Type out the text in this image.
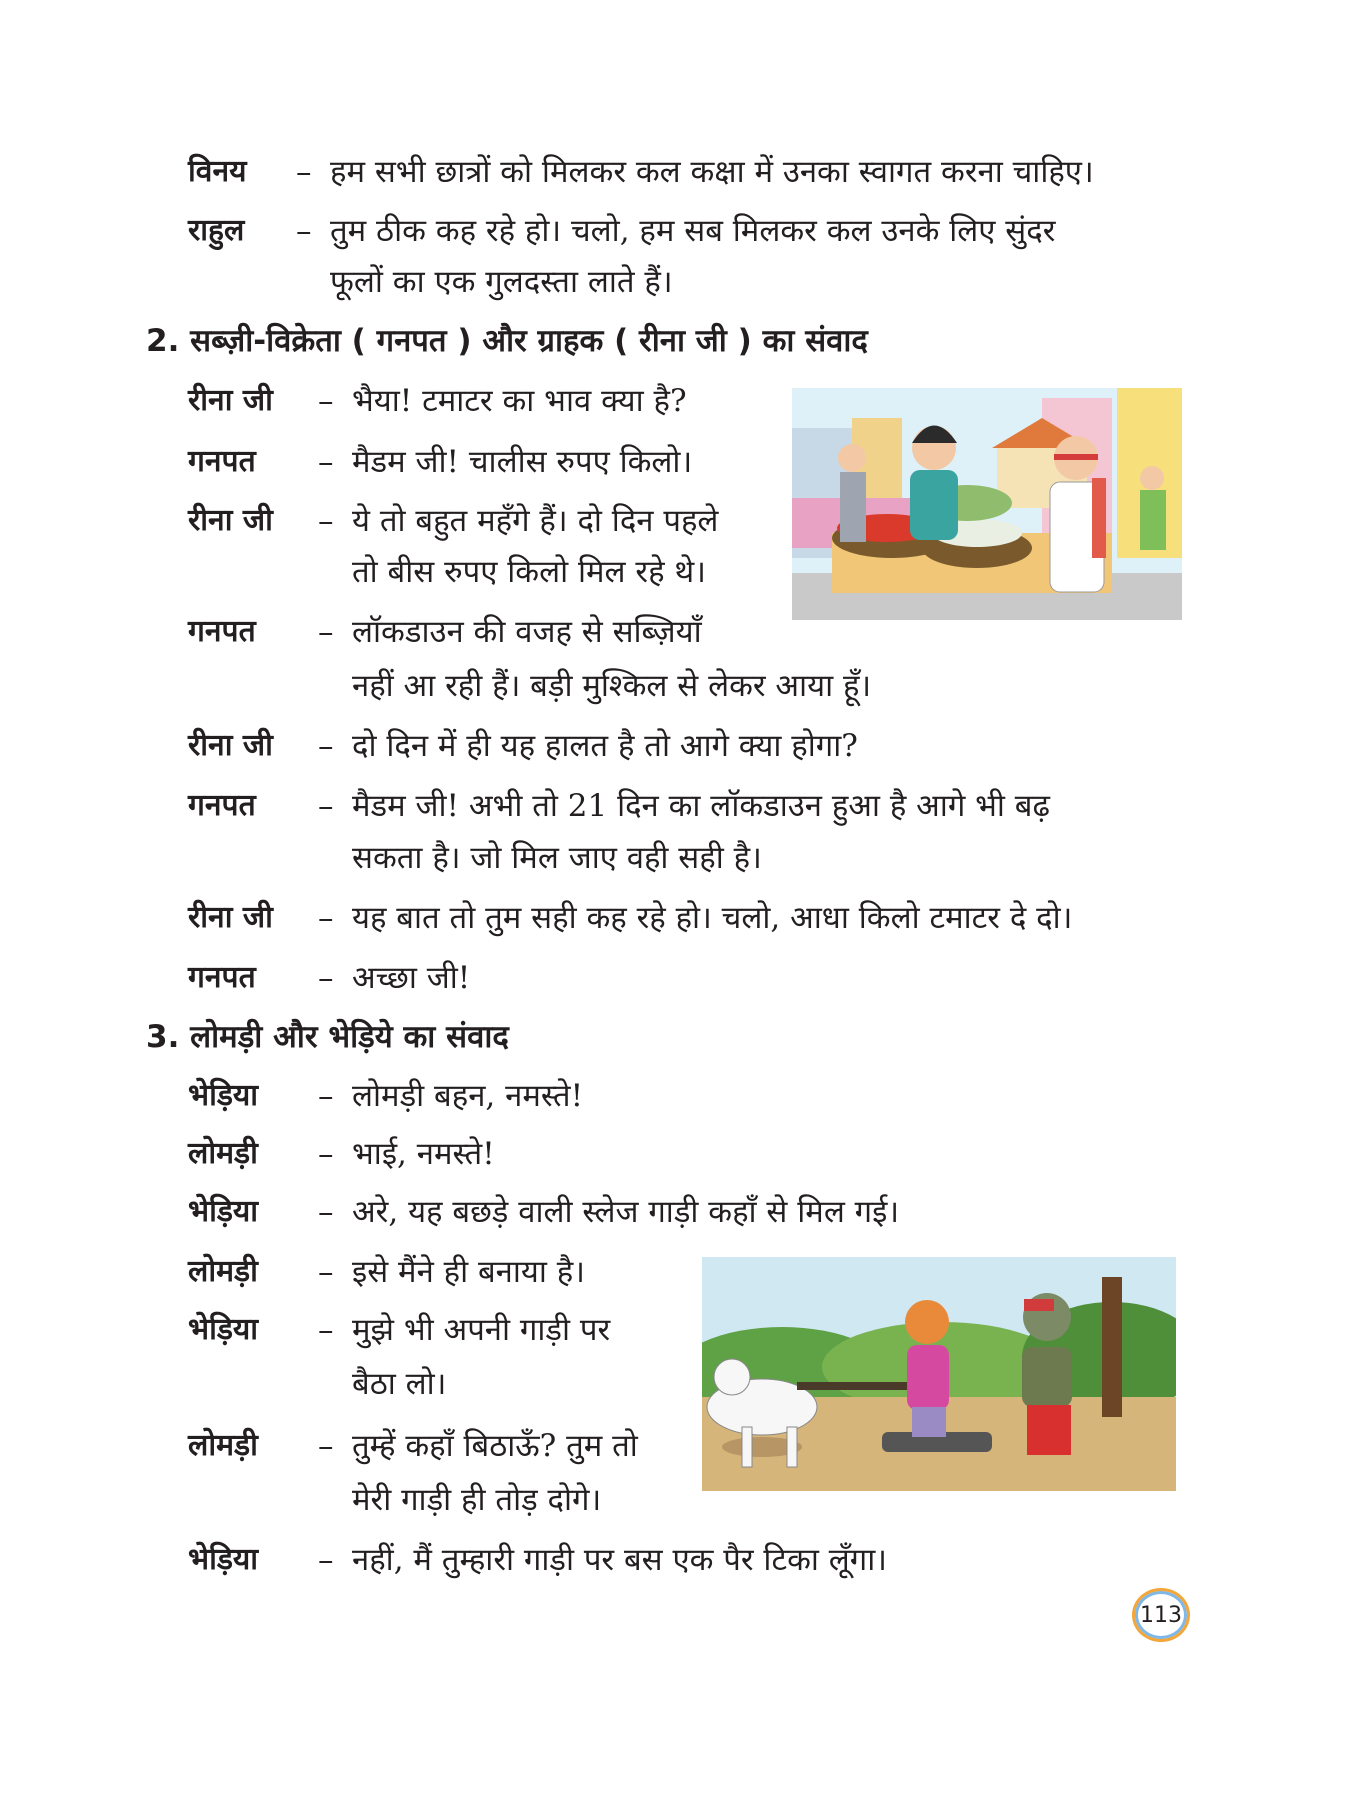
विनय – हम सभी छात्रों को मिलकर कल कक्षा में उनका स्वागत करना चाहिए।
राहुल – तुम ठीक कह रहे हो। चलो, हम सब मिलकर कल उनके लिए सुंदर
फूलों का एक गुलदस्ता लाते हैं।
2. सब्ज़ी-विक्रेता ( गनपत ) और ग्राहक ( रीना जी ) का संवाद
रीना जी – भैया! टमाटर का भाव क्या है?
गनपत – मैडम जी! चालीस रुपए किलो।
रीना जी – ये तो बहुत महँगे हैं। दो दिन पहले
तो बीस रुपए किलो मिल रहे थे।
गनपत – लॉकडाउन की वजह से सब्ज़ियाँ
नहीं आ रही हैं। बड़ी मुश्किल से लेकर आया हूँ।
रीना जी – दो दिन में ही यह हालत है तो आगे क्या होगा?
गनपत – मैडम जी! अभी तो 21 दिन का लॉकडाउन हुआ है आगे भी बढ़
सकता है। जो मिल जाए वही सही है।
रीना जी – यह बात तो तुम सही कह रहे हो। चलो, आधा किलो टमाटर दे दो।
गनपत – अच्छा जी!
3. लोमड़ी और भेड़िये का संवाद
भेड़िया – लोमड़ी बहन, नमस्ते!
लोमड़ी – भाई, नमस्ते!
भेड़िया – अरे, यह बछड़े वाली स्लेज गाड़ी कहाँ से मिल गई।
लोमड़ी – इसे मैंने ही बनाया है।
भेड़िया – मुझे भी अपनी गाड़ी पर
बैठा लो।
लोमड़ी – तुम्हें कहाँ बिठाऊँ? तुम तो
मेरी गाड़ी ही तोड़ दोगे।
भेड़िया – नहीं, मैं तुम्हारी गाड़ी पर बस एक पैर टिका लूँगा।
113
